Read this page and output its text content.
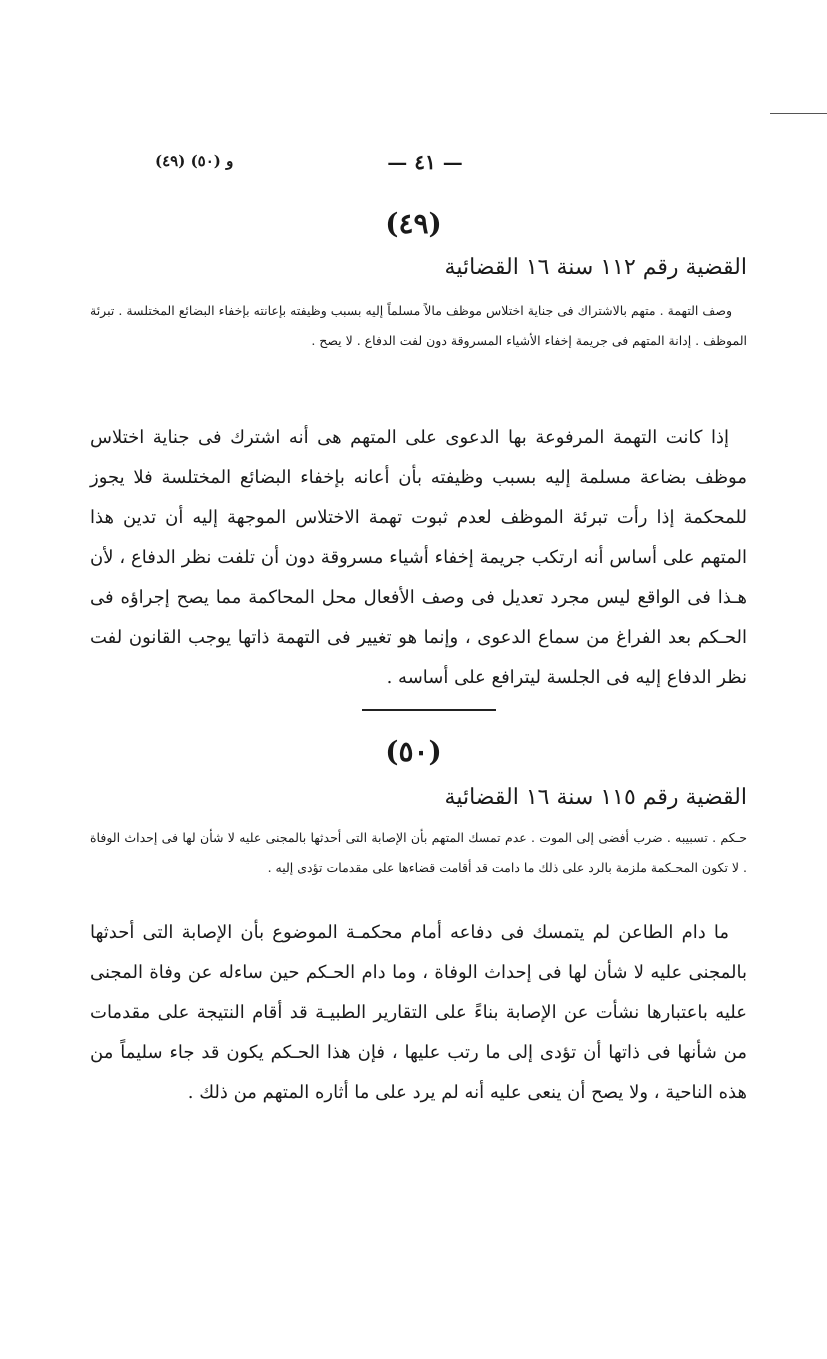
— ٤١ —
(٤٩) و (٥٠)
(٤٩)
القضية رقم ١١٢ سنة ١٦ القضائية
وصف التهمة . متهم بالاشتراك فى جناية اختلاس موظف مالاً مسلماً إليه بسبب وظيفته بإعانته بإخفاء البضائع المختلسة . تبرئة الموظف . إدانة المتهم فى جريمة إخفاء الأشياء المسروقة دون لفت الدفاع . لا يصح .
إذا كانت التهمة المرفوعة بها الدعوى على المتهم هى أنه اشترك فى جناية اختلاس موظف بضاعة مسلمة إليه بسبب وظيفته بأن أعانه بإخفاء البضائع المختلسة فلا يجوز للمحكمة إذا رأت تبرئة الموظف لعدم ثبوت تهمة الاختلاس الموجهة إليه أن تدين هذا المتهم على أساس أنه ارتكب جريمة إخفاء أشياء مسروقة دون أن تلفت نظر الدفاع ، لأن هـذا فى الواقع ليس مجرد تعديل فى وصف الأفعال محل المحاكمة مما يصح إجراؤه فى الحـكم بعد الفراغ من سماع الدعوى ، وإنما هو تغيير فى التهمة ذاتها يوجب القانون لفت نظر الدفاع إليه فى الجلسة ليترافع على أساسه .
(٥٠)
القضية رقم ١١٥ سنة ١٦ القضائية
حـكم . تسبيبه . ضرب أفضى إلى الموت . عدم تمسك المتهم بأن الإصابة التى أحدثها بالمجنى عليه لا شأن لها فى إحداث الوفاة . لا تكون المحـكمة ملزمة بالرد على ذلك ما دامت قد أقامت قضاءها على مقدمات تؤدى إليه .
ما دام الطاعن لم يتمسك فى دفاعه أمام محكمـة الموضوع بأن الإصابة التى أحدثها بالمجنى عليه لا شأن لها فى إحداث الوفاة ، وما دام الحـكم حين ساءله عن وفاة المجنى عليه باعتبارها نشأت عن الإصابة بناءً على التقارير الطبيـة قد أقام النتيجة على مقدمات من شأنها فى ذاتها أن تؤدى إلى ما رتب عليها ، فإن هذا الحـكم يكون قد جاء سليماً من هذه الناحية ، ولا يصح أن ينعى عليه أنه لم يرد على ما أثاره المتهم من ذلك .
